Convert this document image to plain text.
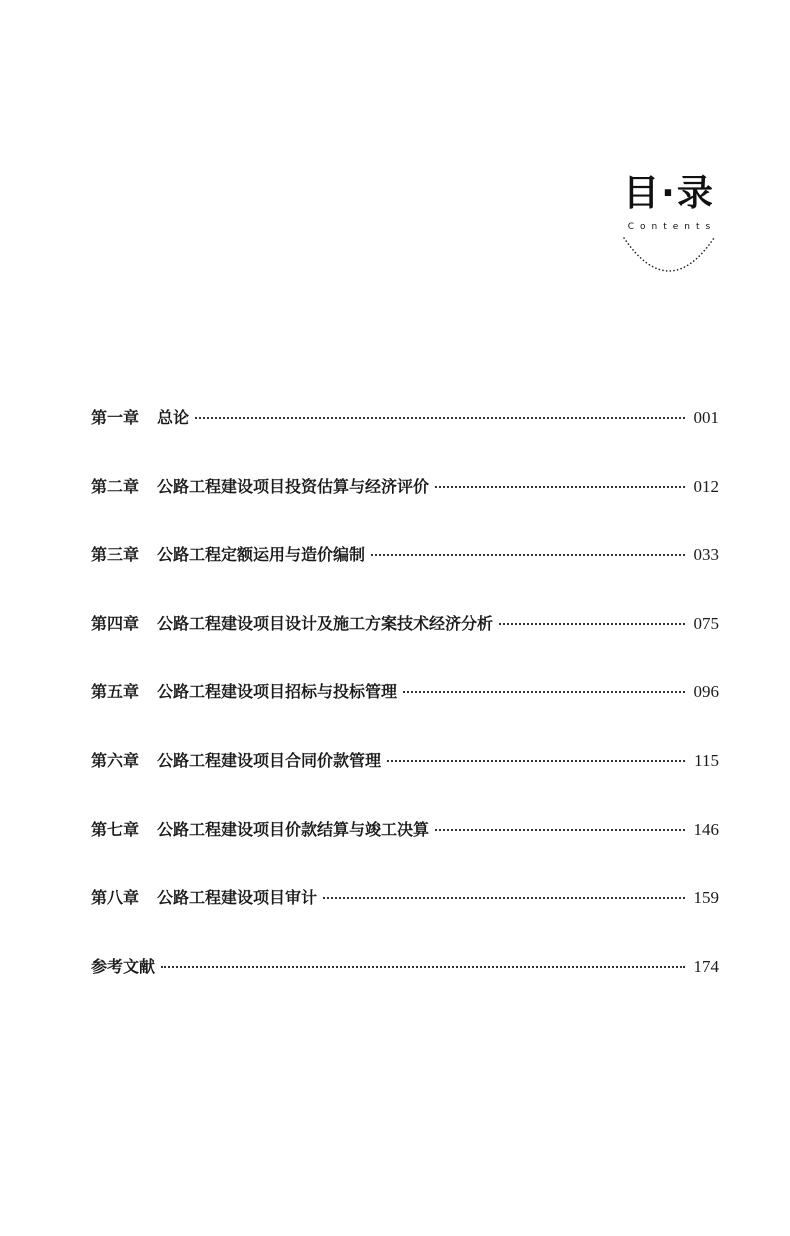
目·录
Contents
第一章 总论	001
第二章 公路工程建设项目投资估算与经济评价	012
第三章 公路工程定额运用与造价编制	033
第四章 公路工程建设项目设计及施工方案技术经济分析	075
第五章 公路工程建设项目招标与投标管理	096
第六章 公路工程建设项目合同价款管理	115
第七章 公路工程建设项目价款结算与竣工决算	146
第八章 公路工程建设项目审计	159
参考文献	174
